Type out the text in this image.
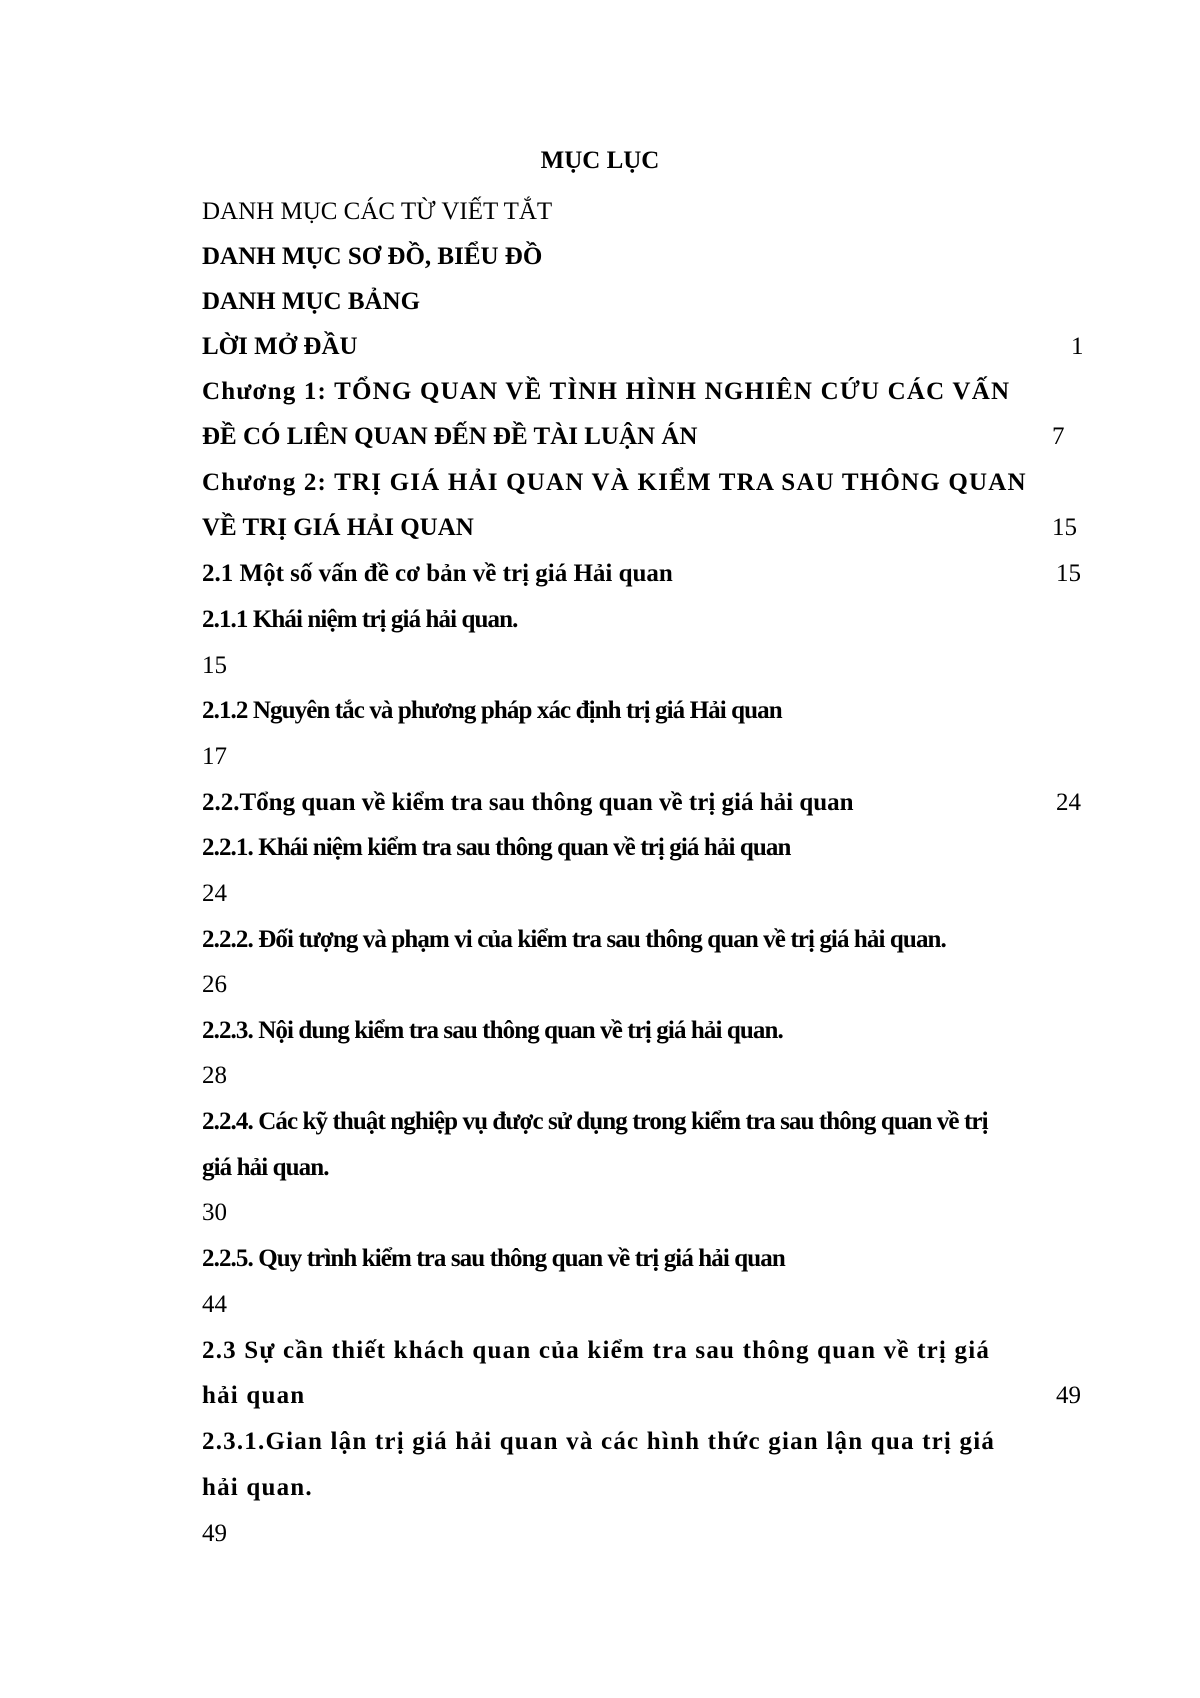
MỤC LỤC
DANH MỤC CÁC TỪ VIẾT TẮT
DANH MỤC SƠ ĐỒ, BIỂU ĐỒ
DANH MỤC BẢNG
LỜI MỞ ĐẦU	1
Chương 1: TỔNG QUAN VỀ TÌNH HÌNH NGHIÊN CỨU CÁC VẤN
ĐỀ CÓ LIÊN QUAN ĐẾN ĐỀ TÀI LUẬN ÁN	7
Chương 2: TRỊ GIÁ HẢI QUAN VÀ KIỂM TRA SAU THÔNG QUAN
VỀ TRỊ GIÁ HẢI QUAN	15
2.1 Một số vấn đề cơ bản về trị giá Hải quan	15
2.1.1 Khái niệm trị giá hải quan.
15
2.1.2 Nguyên tắc và phương pháp xác định trị giá Hải quan
17
2.2.Tổng quan về kiểm tra sau thông quan về trị giá hải quan	24
2.2.1. Khái niệm kiểm tra sau thông quan về trị giá hải quan
24
2.2.2. Đối tượng và phạm vi của kiểm tra sau thông quan về trị giá hải quan.
26
2.2.3. Nội dung kiểm tra sau thông quan về trị giá hải quan.
28
2.2.4. Các kỹ thuật nghiệp vụ được sử dụng trong kiểm tra sau thông quan về trị
giá hải quan.
30
2.2.5. Quy trình kiểm tra sau thông quan về trị giá hải quan
44
2.3 Sự cần thiết khách quan của kiểm tra sau thông quan về trị giá
hải quan	49
2.3.1.Gian lận trị giá hải quan và các hình thức gian lận qua trị giá
hải quan.
49
